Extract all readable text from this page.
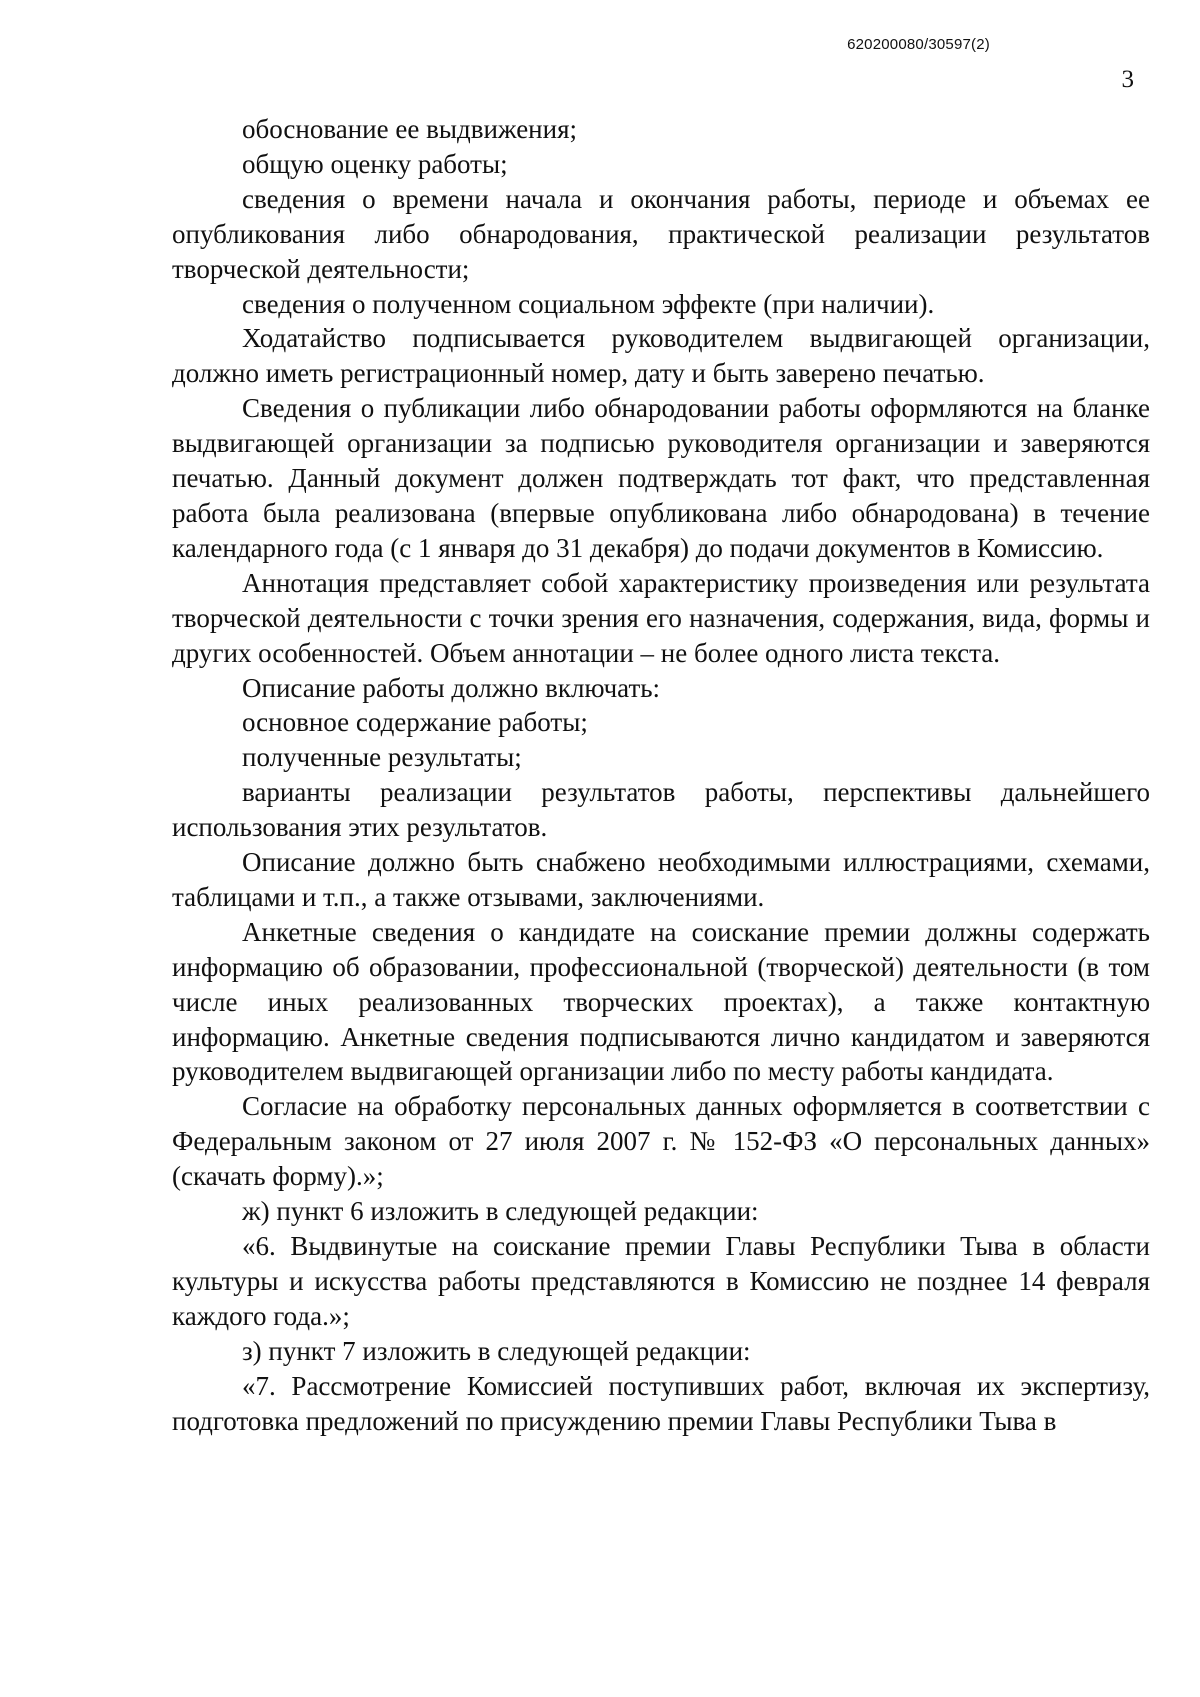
620200080/30597(2)
3

обоснование ее выдвижения;

общую оценку работы;

сведения о времени начала и окончания работы, периоде и объемах ее опубликования либо обнародования, практической реализации результатов творческой деятельности;

сведения о полученном социальном эффекте (при наличии).

Ходатайство подписывается руководителем выдвигающей организации, должно иметь регистрационный номер, дату и быть заверено печатью.

Сведения о публикации либо обнародовании работы оформляются на бланке выдвигающей организации за подписью руководителя организации и заверяются печатью. Данный документ должен подтверждать тот факт, что представленная работа была реализована (впервые опубликована либо обнародована) в течение календарного года (с 1 января до 31 декабря) до подачи документов в Комиссию.

Аннотация представляет собой характеристику произведения или результата творческой деятельности с точки зрения его назначения, содержания, вида, формы и других особенностей. Объем аннотации – не более одного листа текста.

Описание работы должно включать:

основное содержание работы;

полученные результаты;

варианты реализации результатов работы, перспективы дальнейшего использования этих результатов.

Описание должно быть снабжено необходимыми иллюстрациями, схемами, таблицами и т.п., а также отзывами, заключениями.

Анкетные сведения о кандидате на соискание премии должны содержать информацию об образовании, профессиональной (творческой) деятельности (в том числе иных реализованных творческих проектах), а также контактную информацию. Анкетные сведения подписываются лично кандидатом и заверяются руководителем выдвигающей организации либо по месту работы кандидата.

Согласие на обработку персональных данных оформляется в соответствии с Федеральным законом от 27 июля 2007 г. № 152-ФЗ «О персональных данных» (скачать форму).»;

ж) пункт 6 изложить в следующей редакции:

«6. Выдвинутые на соискание премии Главы Республики Тыва в области культуры и искусства работы представляются в Комиссию не позднее 14 февраля каждого года.»;

з) пункт 7 изложить в следующей редакции:

«7. Рассмотрение Комиссией поступивших работ, включая их экспертизу, подготовка предложений по присуждению премии Главы Республики Тыва в
